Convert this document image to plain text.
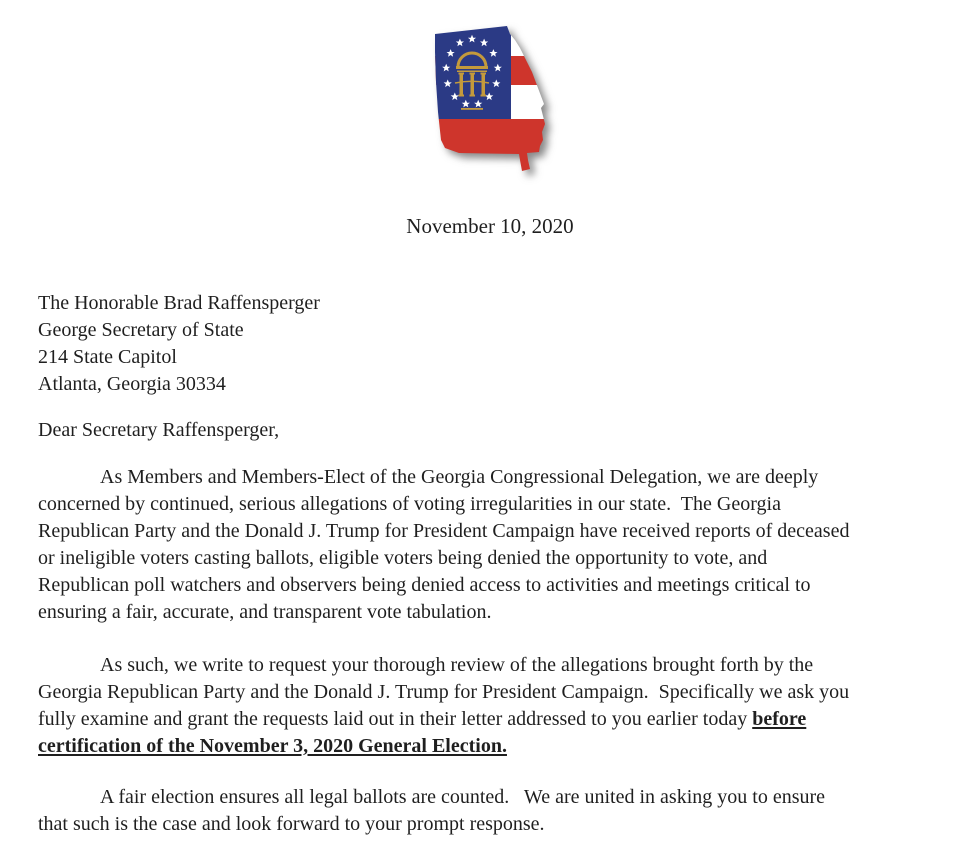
November 10, 2020
The Honorable Brad Raffensperger
George Secretary of State
214 State Capitol
Atlanta, Georgia 30334
Dear Secretary Raffensperger,
As Members and Members-Elect of the Georgia Congressional Delegation, we are deeply
concerned by continued, serious allegations of voting irregularities in our state.  The Georgia
Republican Party and the Donald J. Trump for President Campaign have received reports of deceased
or ineligible voters casting ballots, eligible voters being denied the opportunity to vote, and
Republican poll watchers and observers being denied access to activities and meetings critical to
ensuring a fair, accurate, and transparent vote tabulation.
As such, we write to request your thorough review of the allegations brought forth by the
Georgia Republican Party and the Donald J. Trump for President Campaign.  Specifically we ask you
fully examine and grant the requests laid out in their letter addressed to you earlier today before
certification of the November 3, 2020 General Election.
A fair election ensures all legal ballots are counted.   We are united in asking you to ensure
that such is the case and look forward to your prompt response.
